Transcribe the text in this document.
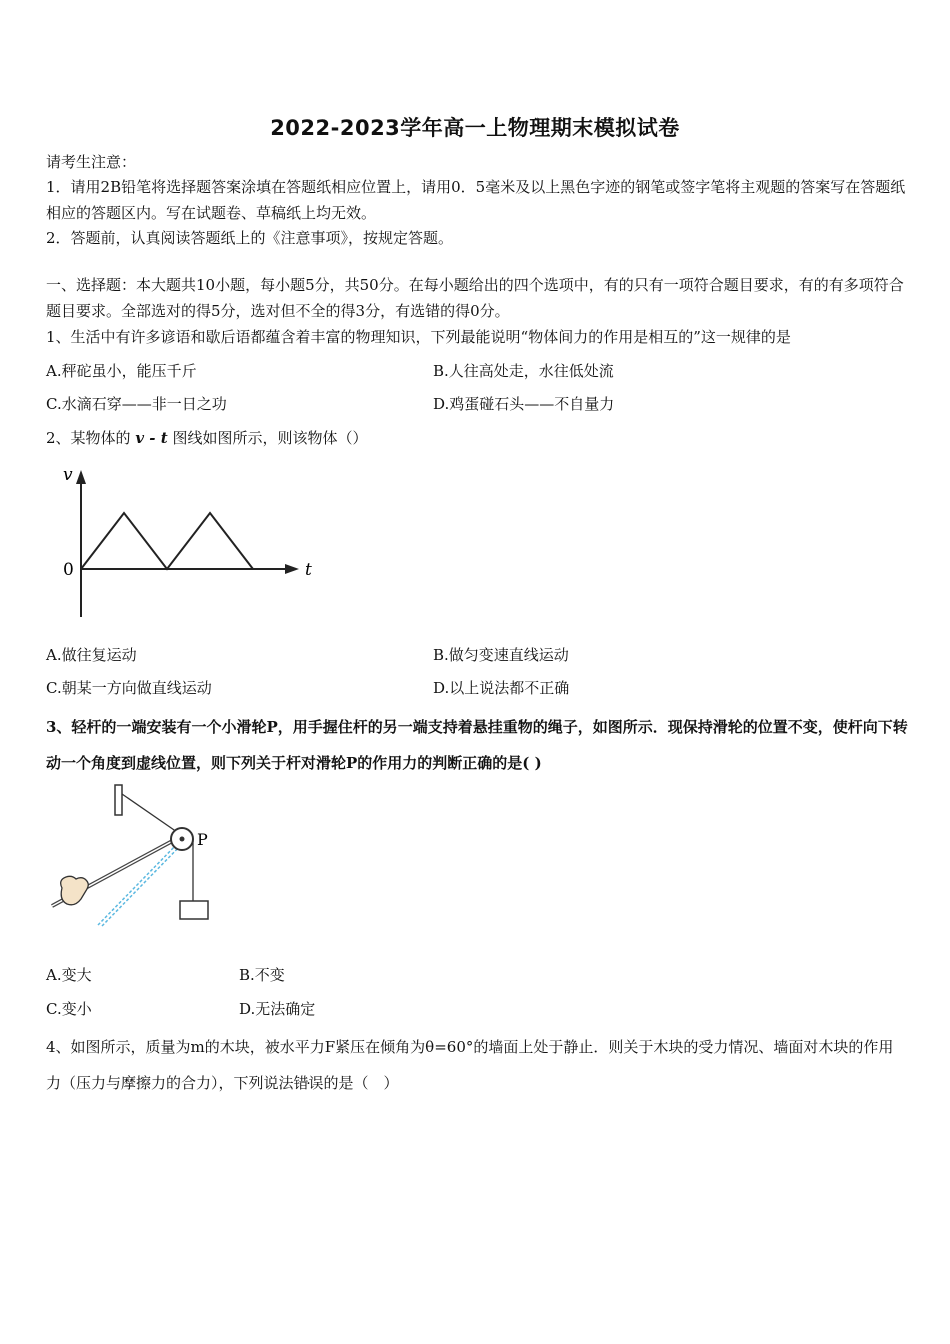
2022-2023学年高一上物理期末模拟试卷
请考生注意：
1．请用2B铅笔将选择题答案涂填在答题纸相应位置上，请用0．5毫米及以上黑色字迹的钢笔或签字笔将主观题的答案写在答题纸相应的答题区内。写在试题卷、草稿纸上均无效。
2．答题前，认真阅读答题纸上的《注意事项》，按规定答题。
一、选择题：本大题共10小题，每小题5分，共50分。在每小题给出的四个选项中，有的只有一项符合题目要求，有的有多项符合题目要求。全部选对的得5分，选对但不全的得3分，有选错的得0分。
1、生活中有许多谚语和歇后语都蕴含着丰富的物理知识，下列最能说明“物体间力的作用是相互的”这一规律的是
A.秤砣虽小，能压千斤	B.人往高处走，水往低处流
C.水滴石穿——非一日之功	D.鸡蛋碰石头——不自量力
2、某物体的 v - t 图线如图所示，则该物体（）
v
t
0
A.做往复运动	B.做匀变速直线运动
C.朝某一方向做直线运动	D.以上说法都不正确
3、轻杆的一端安装有一个小滑轮P，用手握住杆的另一端支持着悬挂重物的绳子，如图所示．现保持滑轮的位置不变，使杆向下转动一个角度到虚线位置，则下列关于杆对滑轮P的作用力的判断正确的是( )
P
A.变大	B.不变
C.变小	D.无法确定
4、如图所示，质量为m的木块，被水平力F紧压在倾角为θ=60°的墙面上处于静止．则关于木块的受力情况、墙面对木块的作用力（压力与摩擦力的合力），下列说法错误 ·的是（　）
